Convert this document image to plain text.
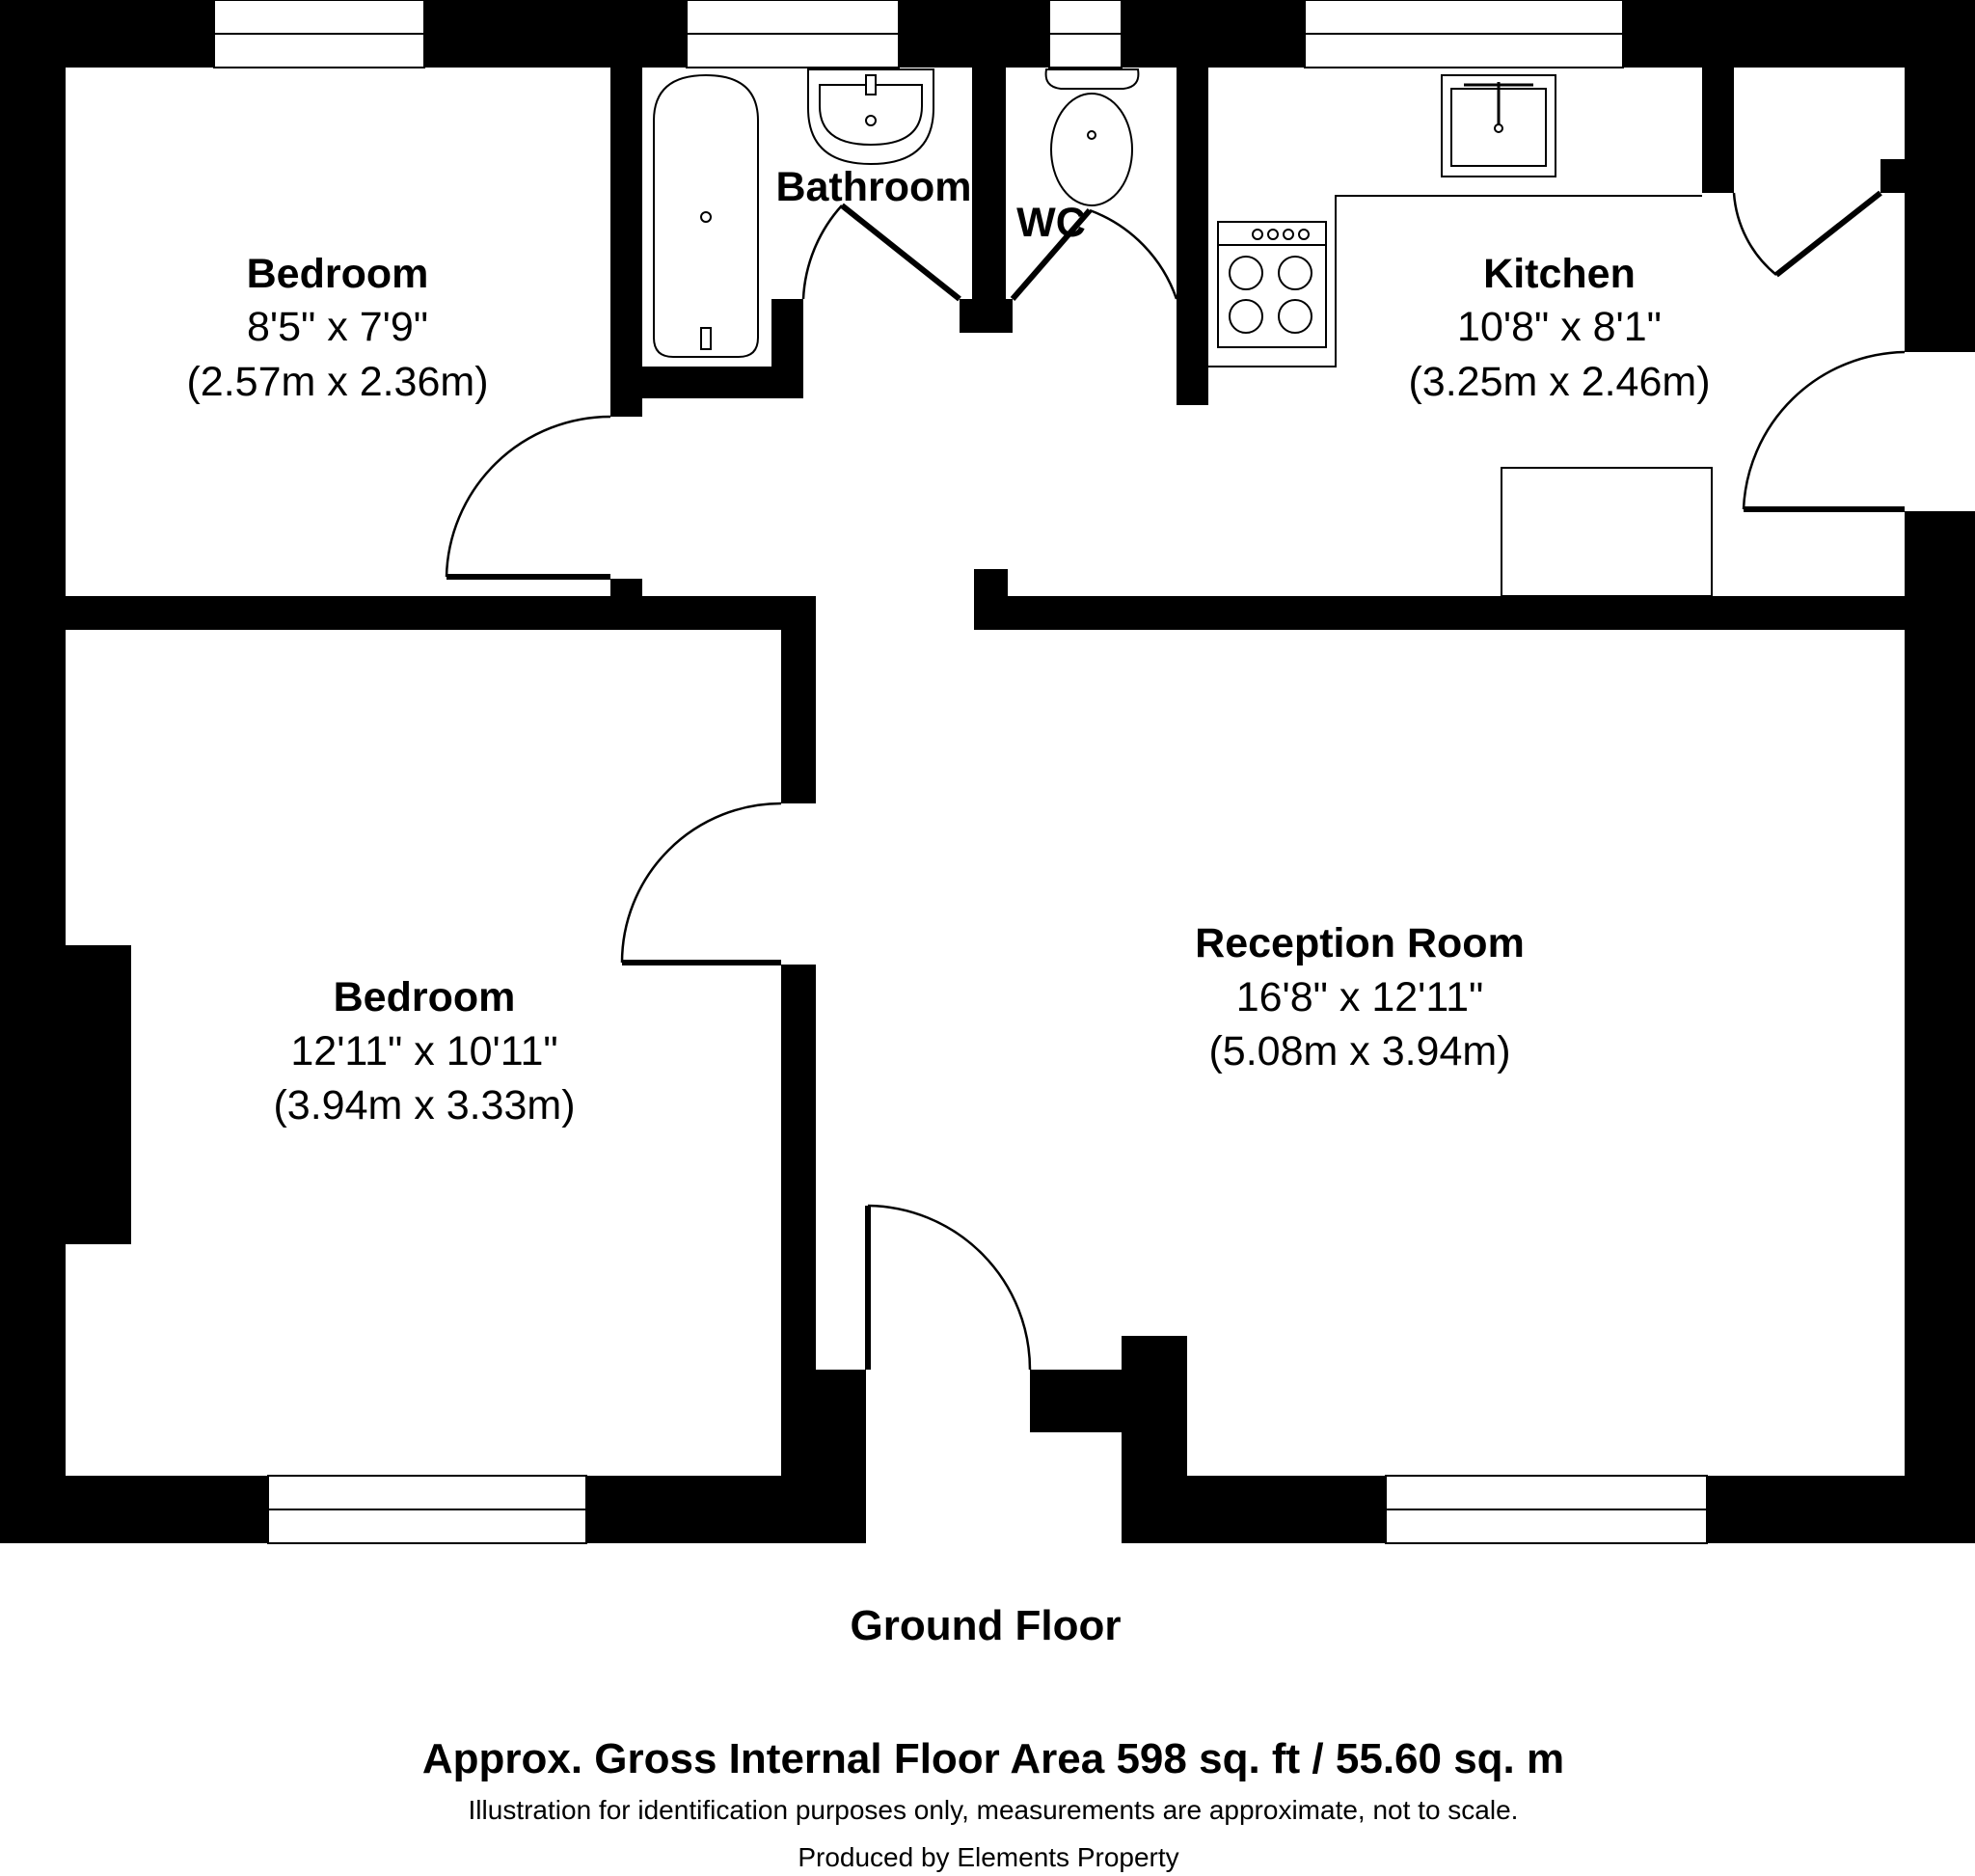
Bedroom
8'5" x 7'9"
(2.57m x 2.36m)
Bathroom
WC
Kitchen
10'8" x 8'1"
(3.25m x 2.46m)
Bedroom
12'11" x 10'11"
(3.94m x 3.33m)
Reception Room
16'8" x 12'11"
(5.08m x 3.94m)
Ground Floor
Approx. Gross Internal Floor Area 598 sq. ft / 55.60 sq. m
Illustration for identification purposes only, measurements are approximate, not to scale.
Produced by Elements Property
